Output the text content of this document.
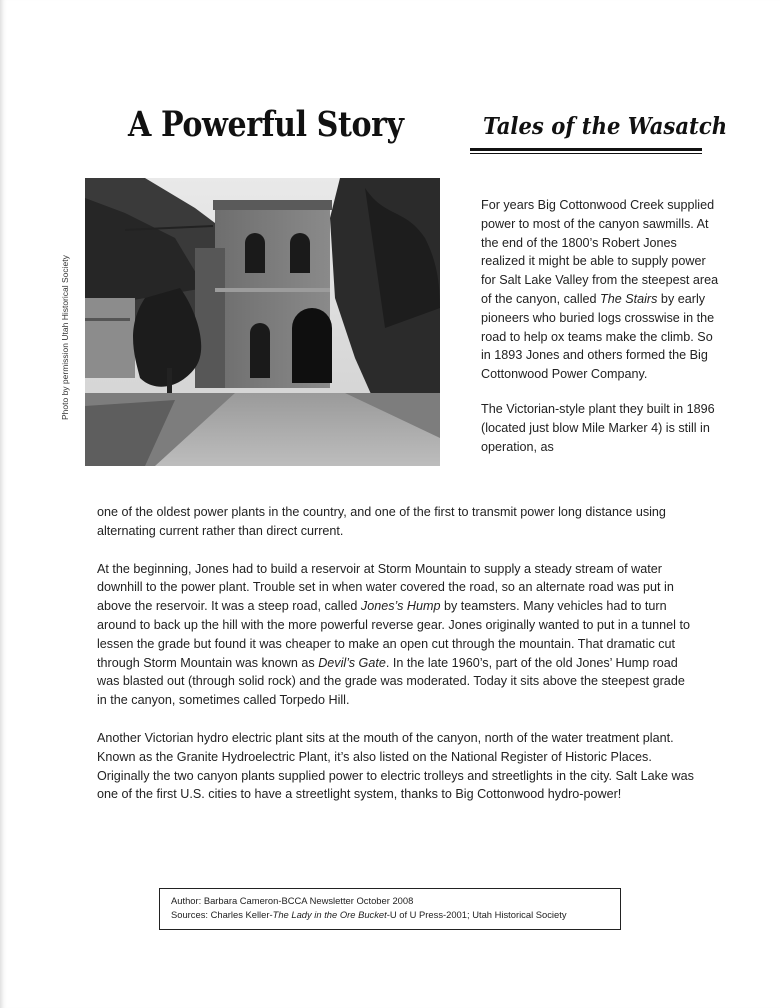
A Powerful Story	Tales of the Wasatch
Photo by permission Utah Historical Society

For years Big Cottonwood Creek supplied power to most of the canyon sawmills. At the end of the 1800’s Robert Jones realized it might be able to supply power for Salt Lake Valley from the steepest area of the canyon, called The Stairs by early pioneers who buried logs crosswise in the road to help ox teams make the climb. So in 1893 Jones and others formed the Big Cottonwood Power Company.

The Victorian-style plant they built in 1896 (located just blow Mile Marker 4) is still in operation, as

one of the oldest power plants in the country, and one of the first to transmit power long distance using alternating current rather than direct current.

At the beginning, Jones had to build a reservoir at Storm Mountain to supply a steady stream of water downhill to the power plant. Trouble set in when water covered the road, so an alternate road was put in above the reservoir. It was a steep road, called Jones’s Hump by teamsters. Many vehicles had to turn around to back up the hill with the more powerful reverse gear. Jones originally wanted to put in a tunnel to lessen the grade but found it was cheaper to make an open cut through the mountain. That dramatic cut through Storm Mountain was known as Devil’s Gate. In the late 1960’s, part of the old Jones’ Hump road was blasted out (through solid rock) and the grade was moderated. Today it sits above the steepest grade in the canyon, sometimes called Torpedo Hill.

Another Victorian hydro electric plant sits at the mouth of the canyon, north of the water treatment plant. Known as the Granite Hydroelectric Plant, it’s also listed on the National Register of Historic Places. Originally the two canyon plants supplied power to electric trolleys and streetlights in the city. Salt Lake was one of the first U.S. cities to have a streetlight system, thanks to Big Cottonwood hydro-power!

Author: Barbara Cameron-BCCA Newsletter October 2008
Sources: Charles Keller-The Lady in the Ore Bucket-U of U Press-2001; Utah Historical Society
